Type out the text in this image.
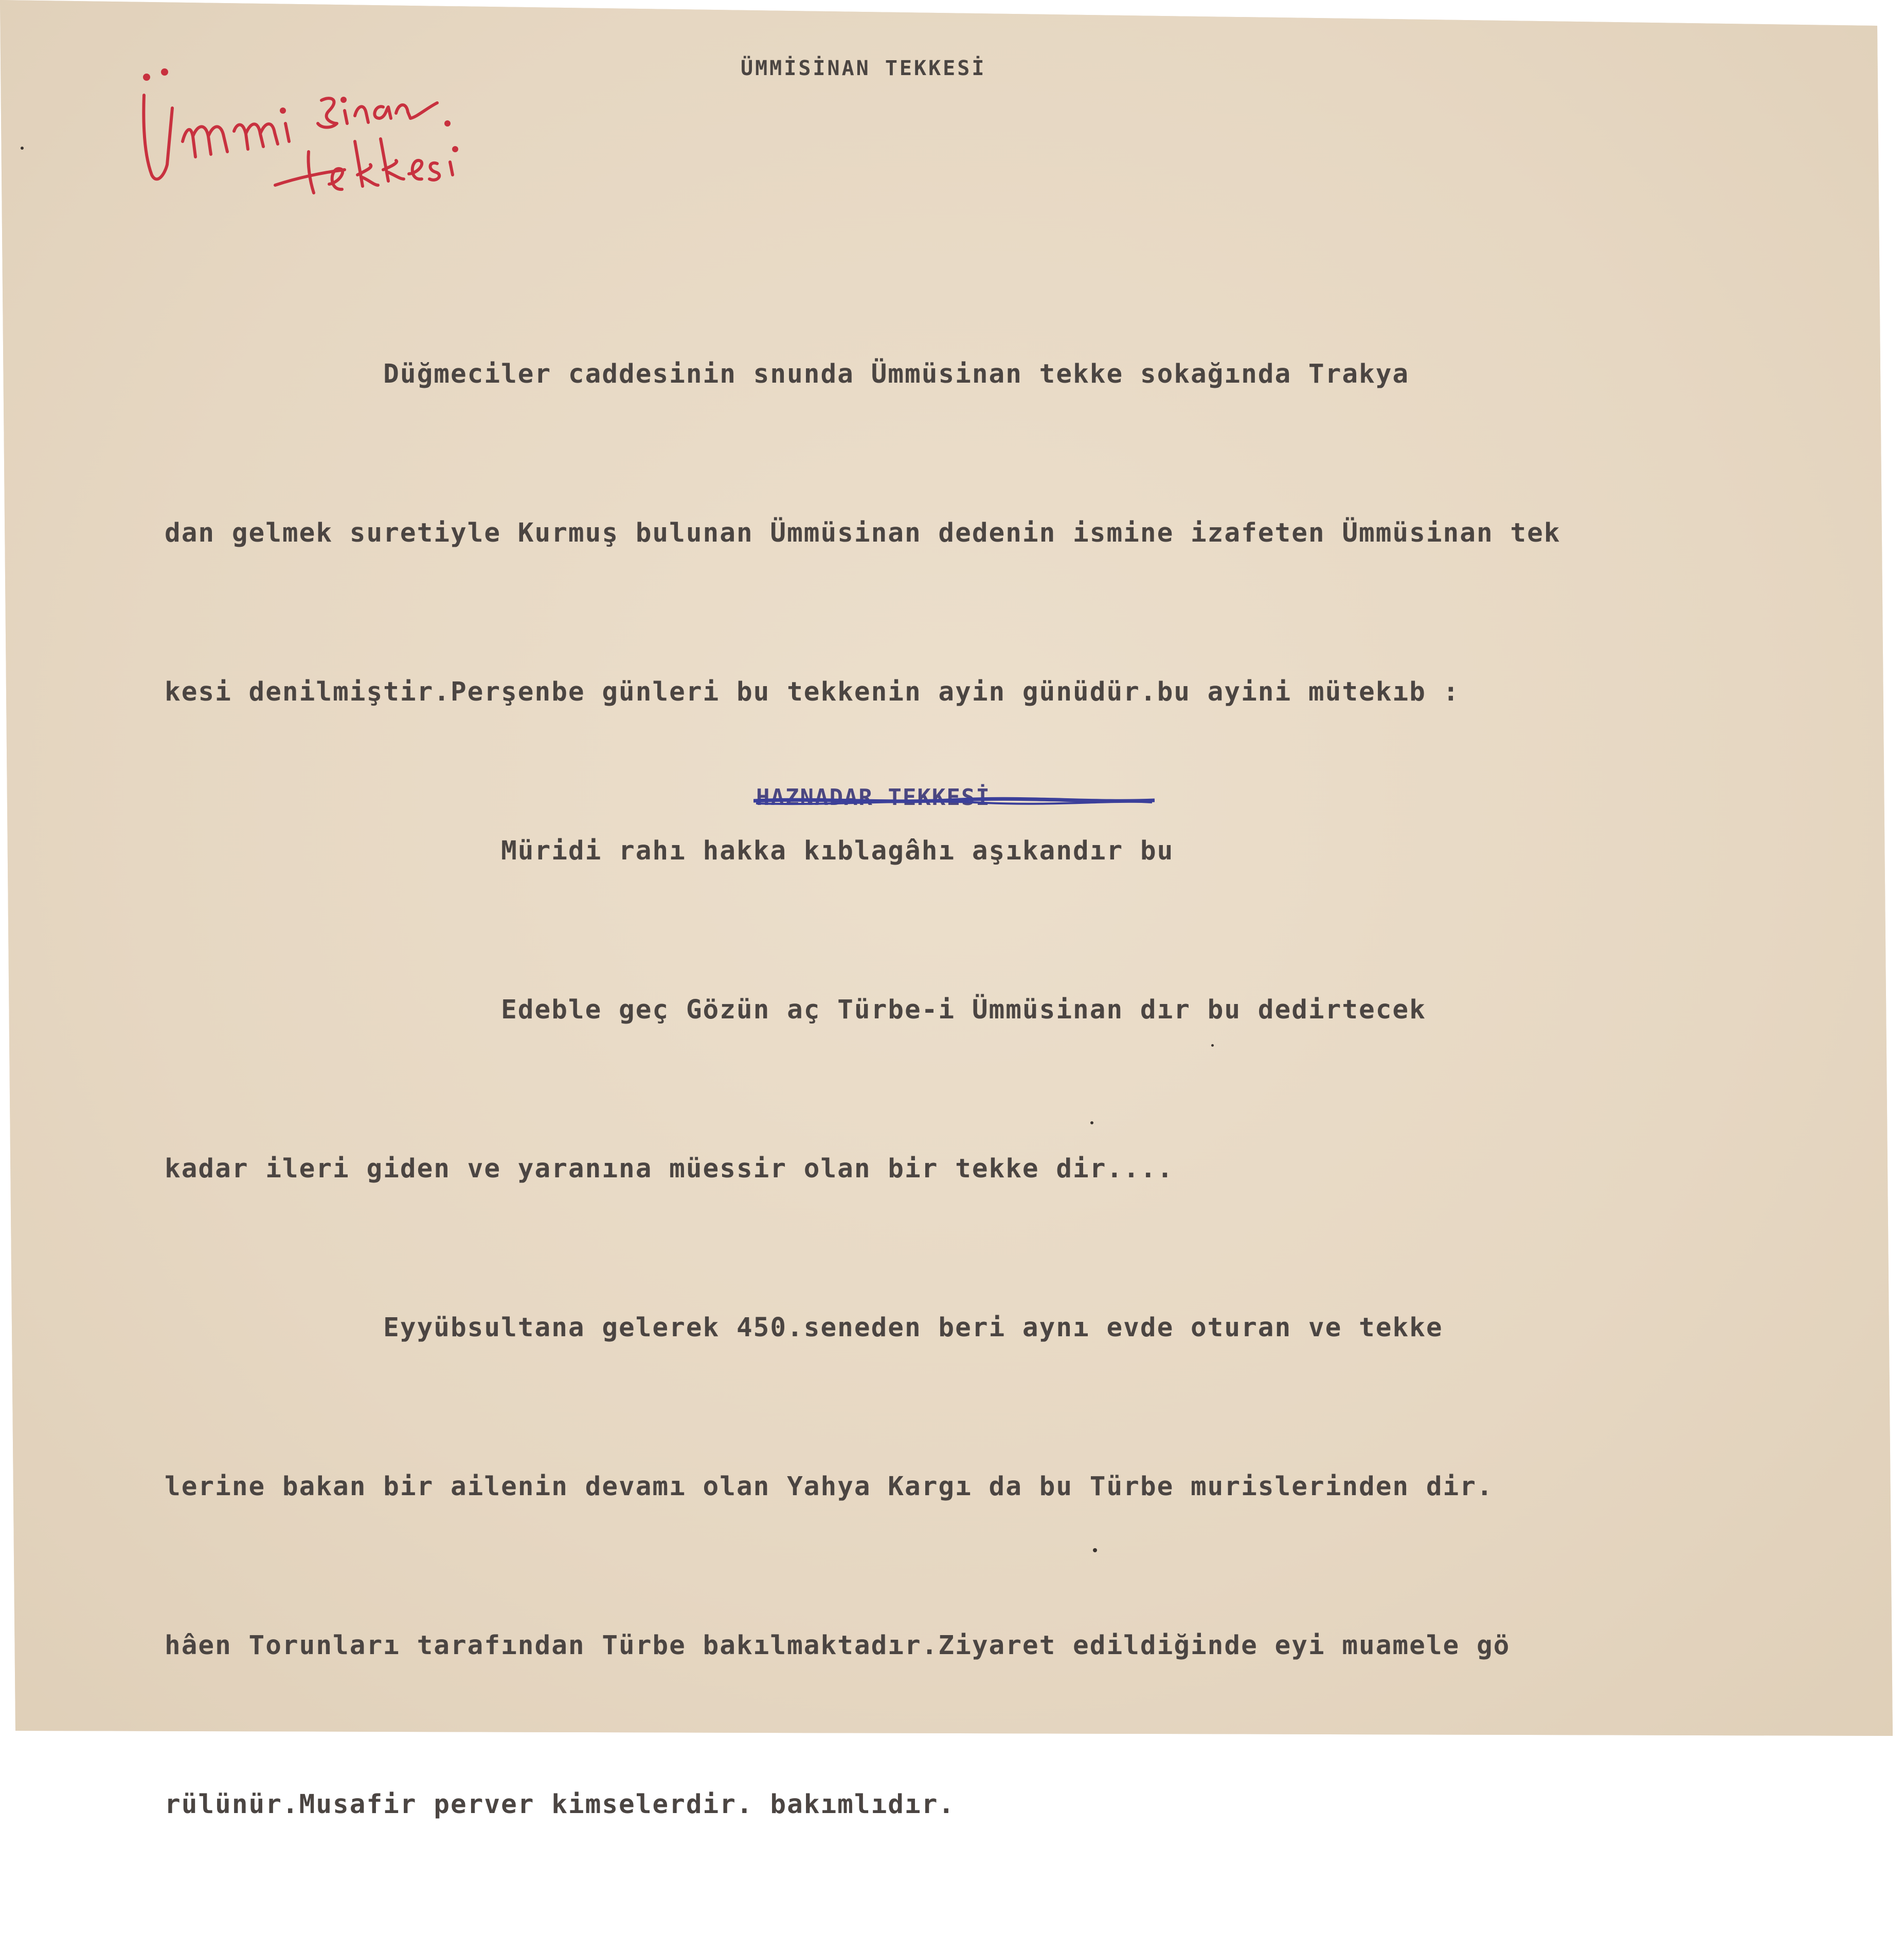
ÜMMİSİNAN TEKKESİ

Düğmeciler caddesinin snunda Ümmüsinan tekke sokağında Trakya

dan gelmek suretiyle Kurmuş bulunan Ümmüsinan dedenin ismine izafeten Ümmüsinan tek

kesi denilmiştir.Perşenbe günleri bu tekkenin ayin günüdür.bu ayini mütekıb :

Müridi rahı hakka kıblagâhı aşıkandır bu

Edeble geç Gözün aç Türbe-i Ümmüsinan dır bu dedirtecek

kadar ileri giden ve yaranına müessir olan bir tekke dir....

Eyyübsultana gelerek 450.seneden beri aynı evde oturan ve tekke

lerine bakan bir ailenin devamı olan Yahya Kargı da bu Türbe murislerinden dir.

hâen Torunları tarafından Türbe bakılmaktadır.Ziyaret edildiğinde eyi muamele gö

rülünür.Musafir perver kimselerdir. bakımlıdır.

HAZNADAR TEKKESİ
